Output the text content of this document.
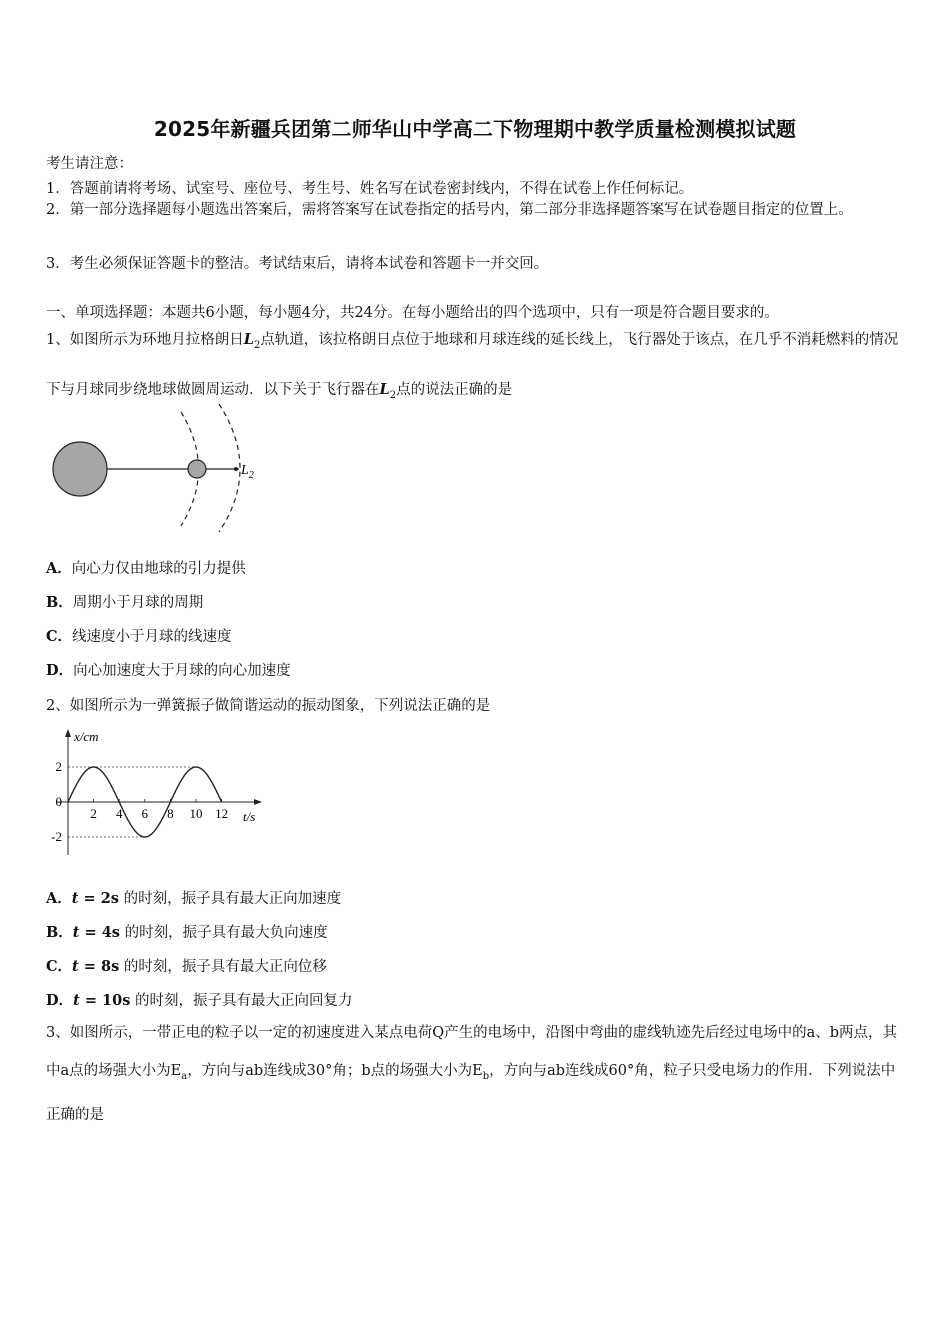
2025年新疆兵团第二师华山中学高二下物理期中教学质量检测模拟试题
考生请注意：
1．答题前请将考场、试室号、座位号、考生号、姓名写在试卷密封线内，不得在试卷上作任何标记。
2．第一部分选择题每小题选出答案后，需将答案写在试卷指定的括号内，第二部分非选择题答案写在试卷题目指定的位置上。
3．考生必须保证答题卡的整洁。考试结束后，请将本试卷和答题卡一并交回。
一、单项选择题：本题共6小题，每小题4分，共24分。在每小题给出的四个选项中，只有一项是符合题目要求的。
1、如图所示为环地月拉格朗日$L_2$点轨道，该拉格朗日点位于地球和月球连线的延长线上，飞行器处于该点，在几乎不消耗燃料的情况下与月球同步绕地球做圆周运动．以下关于飞行器在$L_2$点的说法正确的是
$L_2$
A．向心力仅由地球的引力提供
B．周期小于月球的周期
C．线速度小于月球的线速度
D．向心加速度大于月球的向心加速度
2、如图所示为一弹簧振子做简谐运动的振动图象，下列说法正确的是
x/cm
t/s
2
0
-2
2 4 6 8 10 12
A．t = 2s 的时刻，振子具有最大正向加速度
B．t = 4s 的时刻，振子具有最大负向速度
C．t = 8s 的时刻，振子具有最大正向位移
D．t = 10s 的时刻，振子具有最大正向回复力
3、如图所示，一带正电的粒子以一定的初速度进入某点电荷Q产生的电场中，沿图中弯曲的虚线轨迹先后经过电场中的a、b两点，其中a点的场强大小为$E_a$，方向与ab连线成30°角；b点的场强大小为$E_b$，方向与ab连线成60°角，粒子只受电场力的作用．下列说法中正确的是
